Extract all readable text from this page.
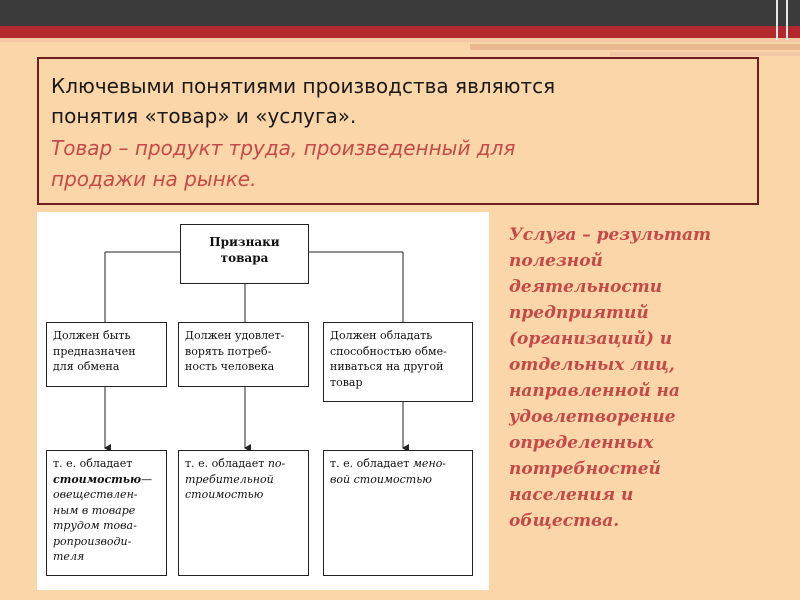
Ключевыми понятиями производства являются

понятия «товар» и «услуга».

Товар – продукт труда, произведенный для
продажи на рынке.

Признаки товара
Должен быть
предназначен
для обмена
Должен удовлет-
ворять потреб-
ность человека
Должен обладать
способностью обме-
ниваться на другой
товар
т. е. обладает
стоимостью—
овеществлен-
ным в товаре
трудом това-
ропроизводи-
теля
т. е. обладает по-
требительной
стоимостью
т. е. обладает мено-
вой стоимостью
Услуга – результат
полезной
деятельности
предприятий
(организаций) и
отдельных лиц,
направленной на
удовлетворение
определенных
потребностей
населения и
общества.
